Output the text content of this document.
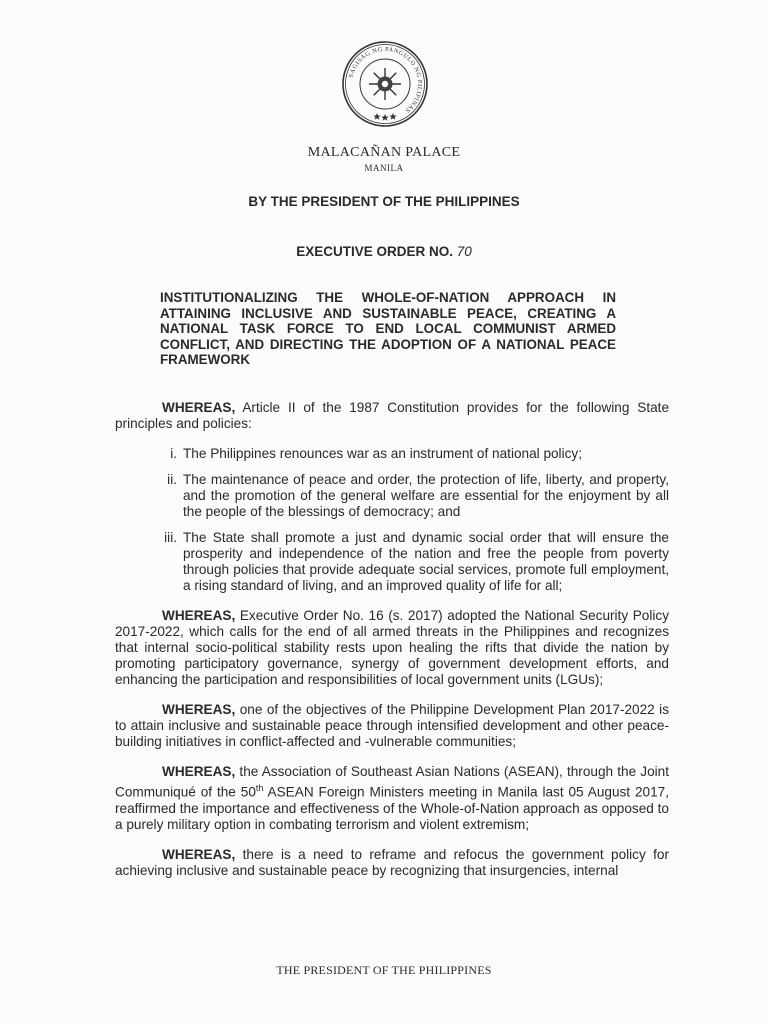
SAGISAG NG PANGULO NG PILIPINAS
MALACAÑAN PALACE
MANILA
BY THE PRESIDENT OF THE PHILIPPINES
EXECUTIVE ORDER NO. 70
INSTITUTIONALIZING THE WHOLE-OF-NATION APPROACH IN ATTAINING INCLUSIVE AND SUSTAINABLE PEACE, CREATING A NATIONAL TASK FORCE TO END LOCAL COMMUNIST ARMED CONFLICT, AND DIRECTING THE ADOPTION OF A NATIONAL PEACE FRAMEWORK

WHEREAS, Article II of the 1987 Constitution provides for the following State principles and policies:

i. The Philippines renounces war as an instrument of national policy;
ii. The maintenance of peace and order, the protection of life, liberty, and property, and the promotion of the general welfare are essential for the enjoyment by all the people of the blessings of democracy; and
iii. The State shall promote a just and dynamic social order that will ensure the prosperity and independence of the nation and free the people from poverty through policies that provide adequate social services, promote full employment, a rising standard of living, and an improved quality of life for all;

WHEREAS, Executive Order No. 16 (s. 2017) adopted the National Security Policy 2017-2022, which calls for the end of all armed threats in the Philippines and recognizes that internal socio-political stability rests upon healing the rifts that divide the nation by promoting participatory governance, synergy of government development efforts, and enhancing the participation and responsibilities of local government units (LGUs);

WHEREAS, one of the objectives of the Philippine Development Plan 2017-2022 is to attain inclusive and sustainable peace through intensified development and other peace-building initiatives in conflict-affected and -vulnerable communities;

WHEREAS, the Association of Southeast Asian Nations (ASEAN), through the Joint Communiqué of the 50th ASEAN Foreign Ministers meeting in Manila last 05 August 2017, reaffirmed the importance and effectiveness of the Whole-of-Nation approach as opposed to a purely military option in combating terrorism and violent extremism;

WHEREAS, there is a need to reframe and refocus the government policy for achieving inclusive and sustainable peace by recognizing that insurgencies, internal

THE PRESIDENT OF THE PHILIPPINES
